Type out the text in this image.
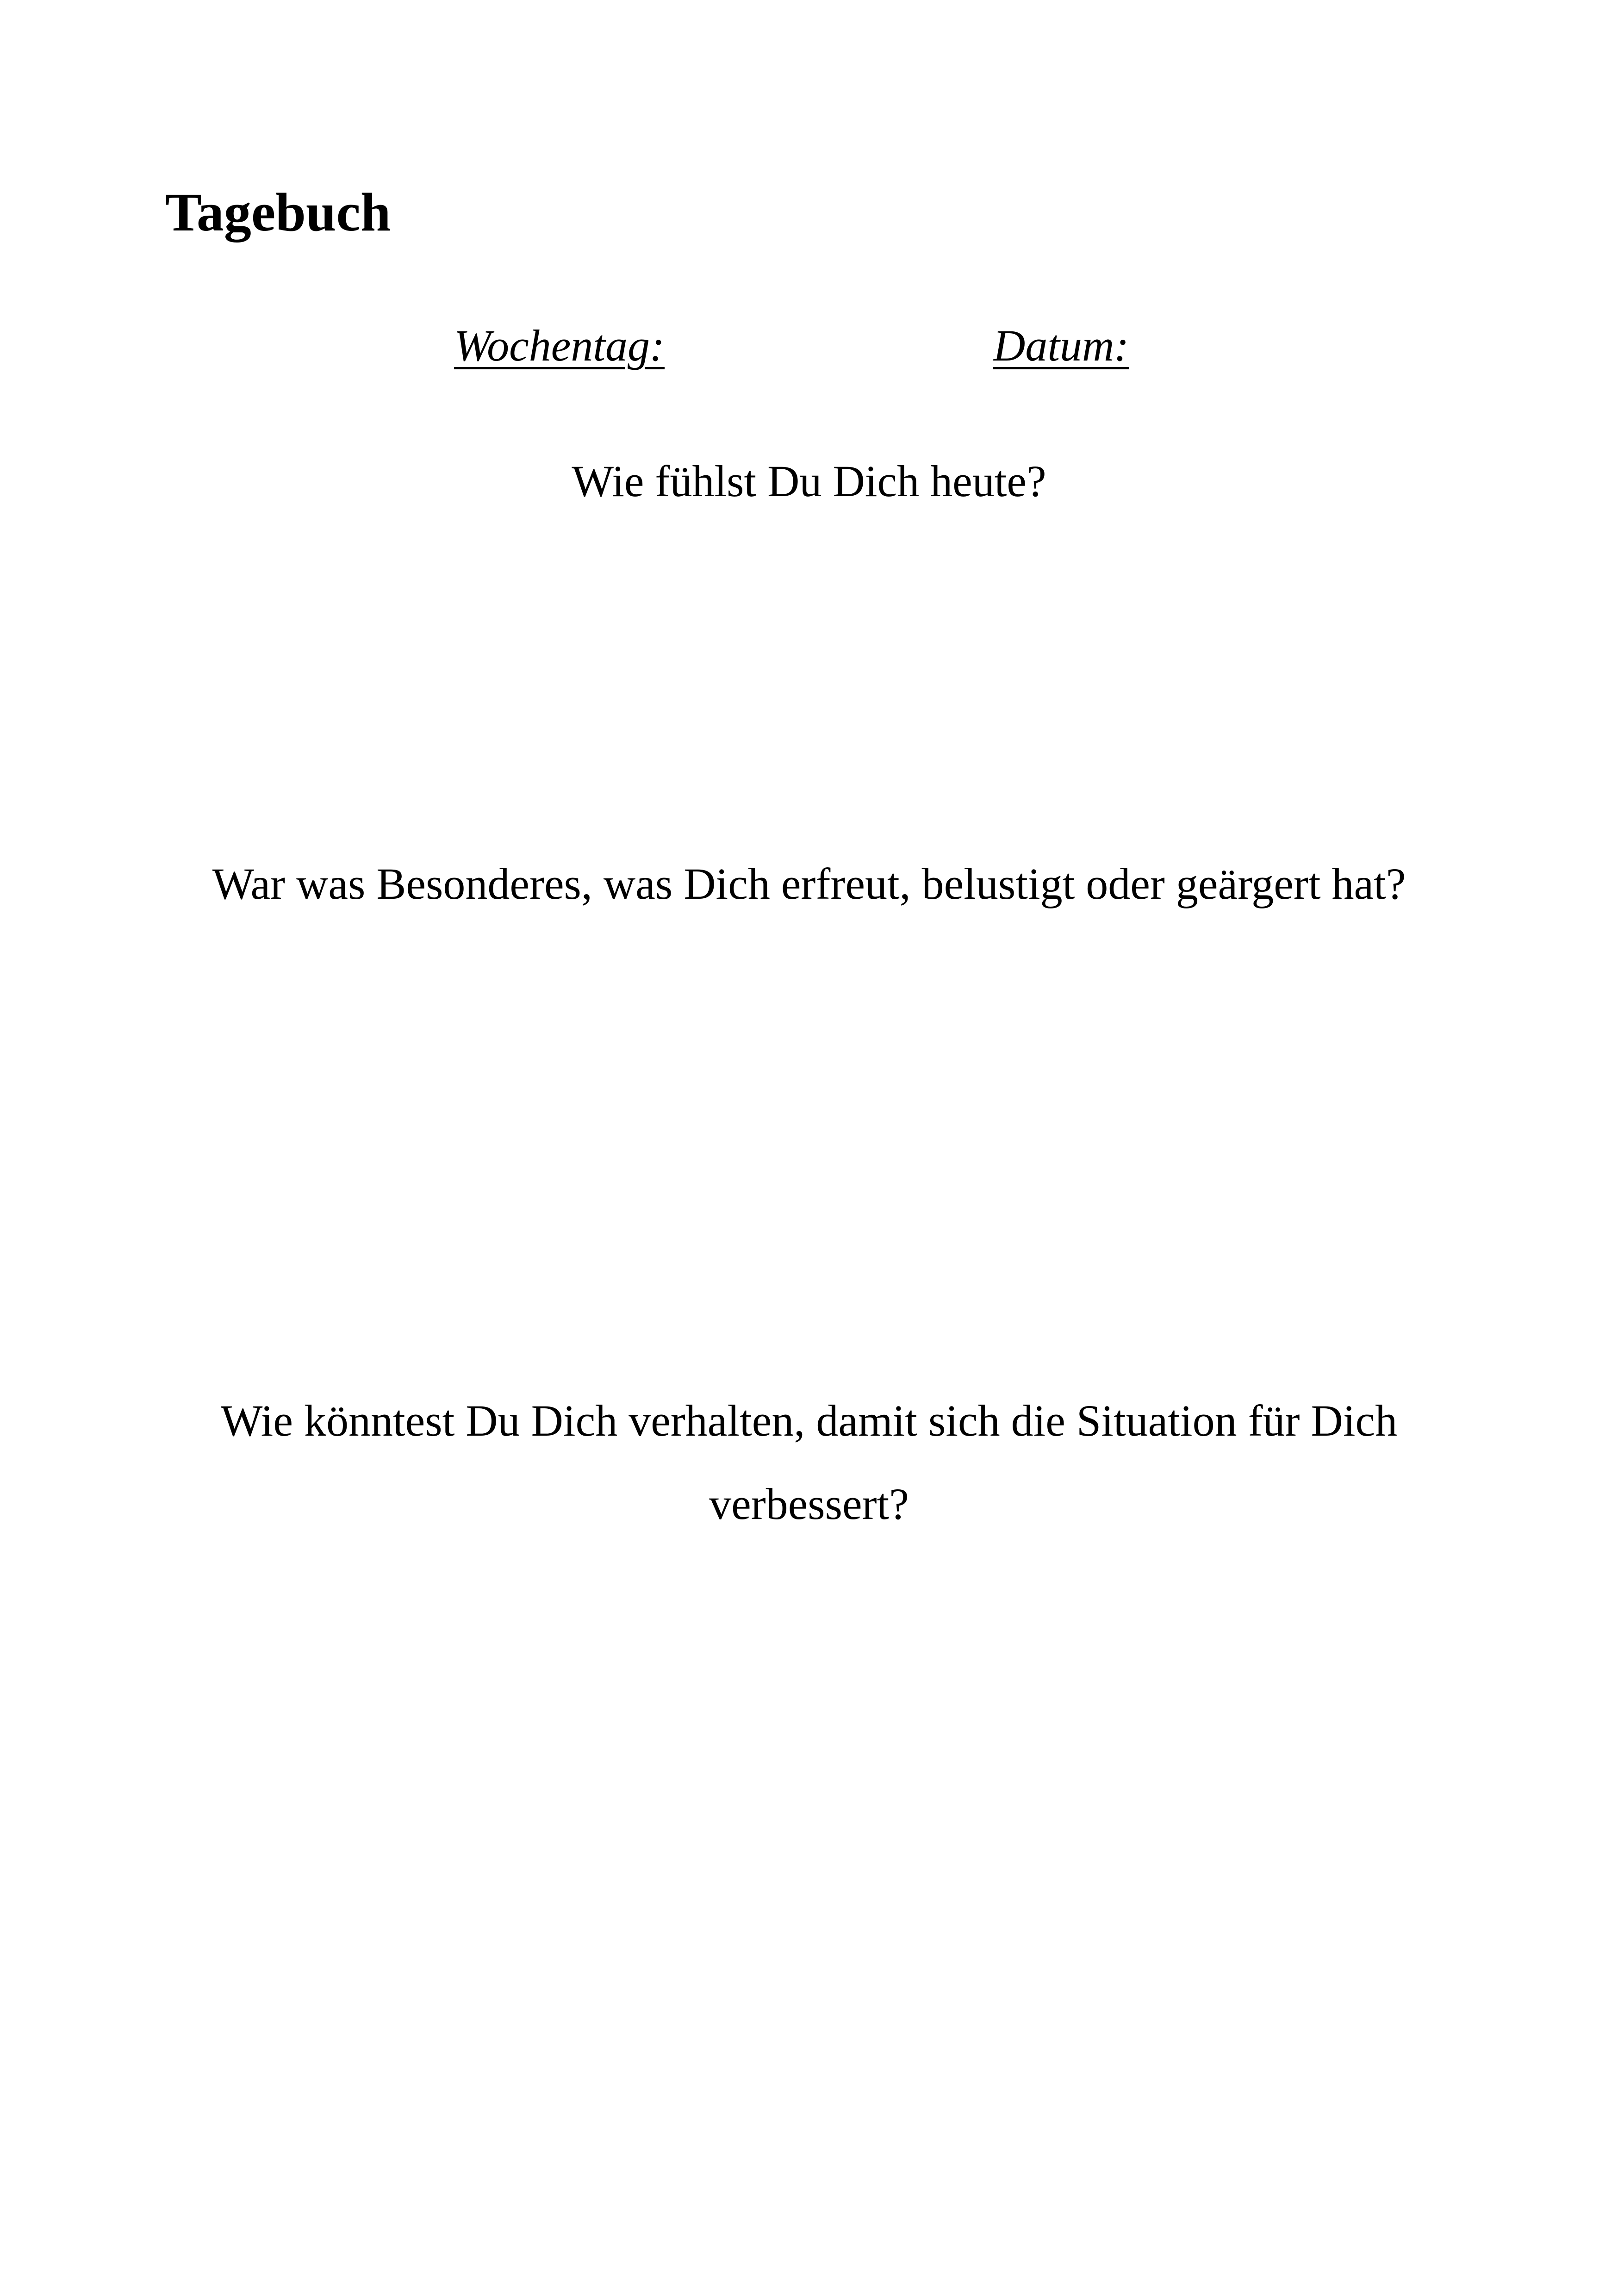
Tagebuch
Wochentag:	Datum:

Wie fühlst Du Dich heute?

War was Besonderes, was Dich erfreut, belustigt oder geärgert hat?

Wie könntest Du Dich verhalten, damit sich die Situation für Dich verbessert?
